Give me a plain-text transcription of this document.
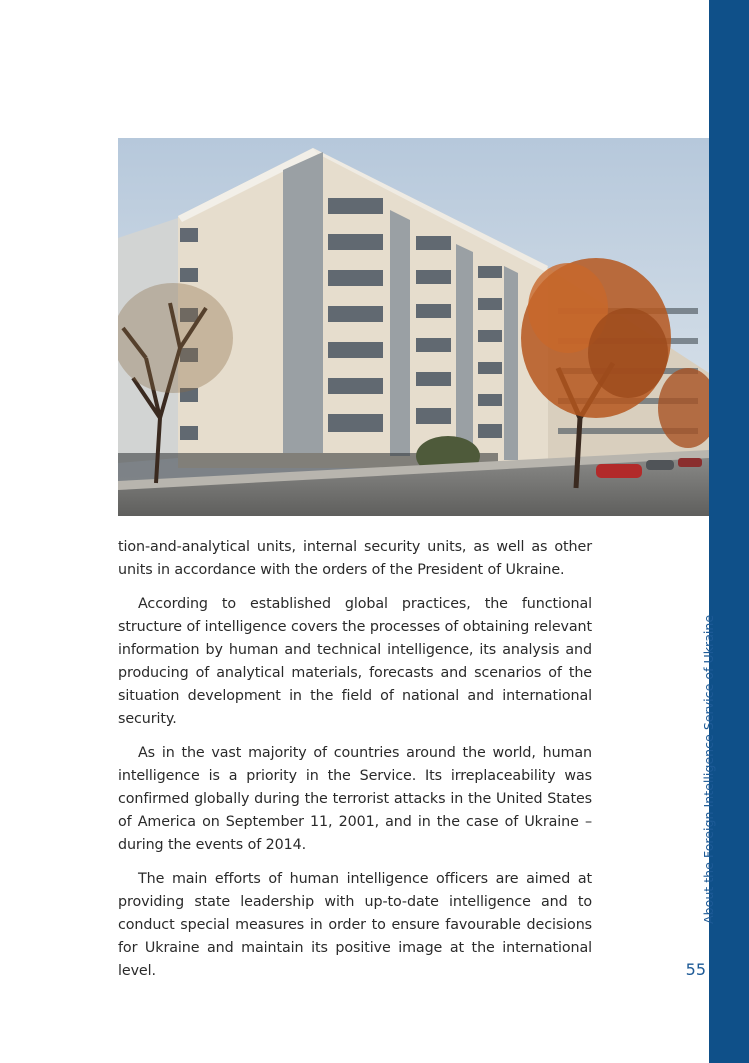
tion-and-analytical units, internal security units, as well as other units in accordance with the orders of the President of Ukraine.

According to established global practices, the functional structure of intelligence covers the processes of obtaining relevant information by human and technical intelligence, its analysis and producing of analytical materials, forecasts and scenarios of the situation development in the field of national and international security.

As in the vast majority of countries around the world, human intelligence is a priority in the Service. Its irreplaceability was confirmed globally during the terrorist attacks in the United States of America on September 11, 2001, and in the case of Ukraine – during the events of 2014.

The main efforts of human intelligence officers are aimed at providing state leadership with up-to-date intelligence and to conduct special measures in order to ensure favourable decisions for Ukraine and maintain its positive image at the international level.

About the Foreign Intelligence Service of Ukraine
55
